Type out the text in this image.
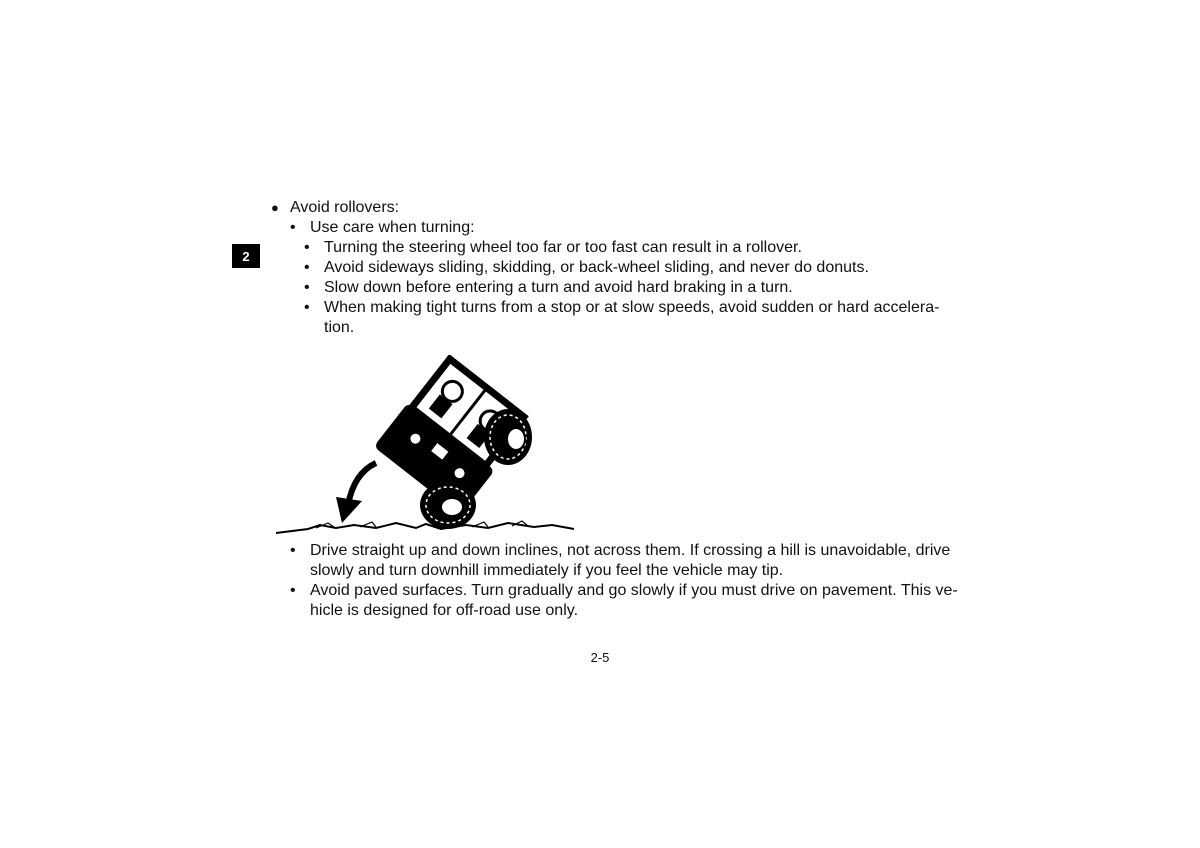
2
● Avoid rollovers:
• Use care when turning:
• Turning the steering wheel too far or too fast can result in a rollover.
• Avoid sideways sliding, skidding, or back-wheel sliding, and never do donuts.
• Slow down before entering a turn and avoid hard braking in a turn.
• When making tight turns from a stop or at slow speeds, avoid sudden or hard accelera-
tion.
• Drive straight up and down inclines, not across them. If crossing a hill is unavoidable, drive
slowly and turn downhill immediately if you feel the vehicle may tip.
• Avoid paved surfaces. Turn gradually and go slowly if you must drive on pavement. This ve-
hicle is designed for off-road use only.
2-5
